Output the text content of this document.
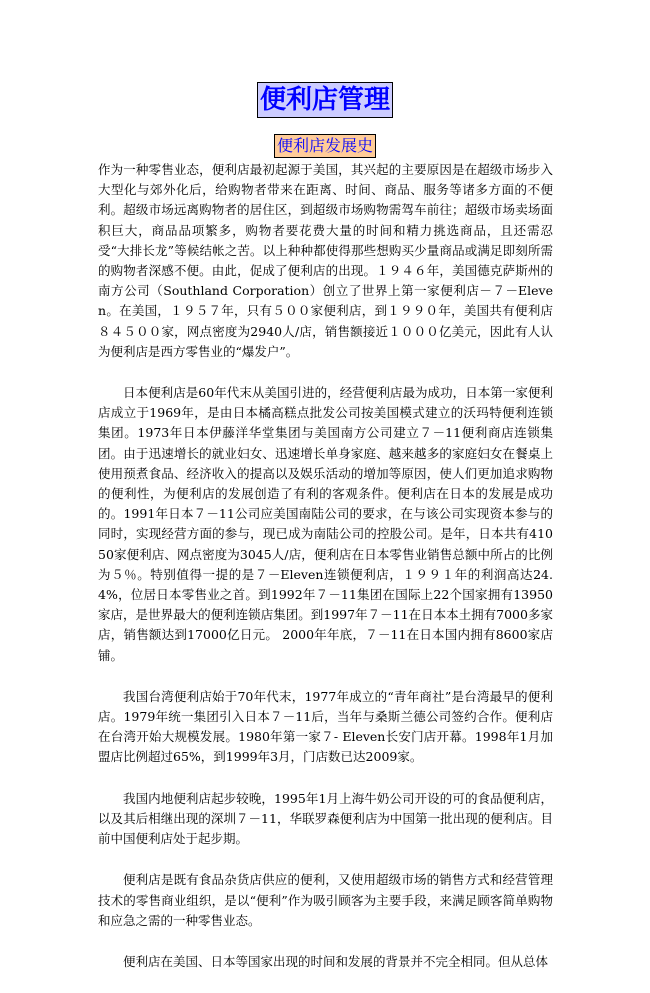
便利店管理
便利店发展史

作为一种零售业态，便利店最初起源于美国，其兴起的主要原因是在超级市场步入大型化与郊外化后，给购物者带来在距离、时间、商品、服务等诸多方面的不便利。超级市场远离购物者的居住区，到超级市场购物需驾车前往；超级市场卖场面积巨大，商品品项繁多，购物者要花费大量的时间和精力挑选商品，且还需忍受“大排长龙”等候结帐之苦。以上种种都使得那些想购买少量商品或满足即刻所需的购物者深感不便。由此，促成了便利店的出现。１９４６年，美国德克萨斯州的南方公司（Southland Corporation）创立了世界上第一家便利店－７－Eleven。在美国，１９５７年，只有５００家便利店，到１９９０年，美国共有便利店８４５００家，网点密度为2940人/店，销售额接近１０００亿美元，因此有人认为便利店是西方零售业的“爆发户”。

日本便利店是60年代末从美国引进的，经营便利店最为成功，日本第一家便利店成立于1969年，是由日本橘高糕点批发公司按美国模式建立的沃玛特便利连锁集团。1973年日本伊藤洋华堂集团与美国南方公司建立７－11便利商店连锁集团。由于迅速增长的就业妇女、迅速增长单身家庭、越来越多的家庭妇女在餐桌上使用预煮食品、经济收入的提高以及娱乐活动的增加等原因，使人们更加追求购物的便利性，为便利店的发展创造了有利的客观条件。便利店在日本的发展是成功的。1991年日本７－11公司应美国南陆公司的要求，在与该公司实现资本参与的同时，实现经营方面的参与，现已成为南陆公司的控股公司。是年，日本共有41050家便利店、网点密度为3045人/店，便利店在日本零售业销售总额中所占的比例为５％。特别值得一提的是７－Eleven连锁便利店，１９９１年的利润高达24.4%，位居日本零售业之首。到1992年７－11集团在国际上22个国家拥有13950家店，是世界最大的便利连锁店集团。到1997年７－11在日本本土拥有7000多家店，销售额达到17000亿日元。 2000年年底，７－11在日本国内拥有8600家店铺。

我国台湾便利店始于70年代末，1977年成立的“青年商社”是台湾最早的便利店。1979年统一集团引入日本７－11后，当年与桑斯兰德公司签约合作。便利店在台湾开始大规模发展。1980年第一家７- Eleven长安门店开幕。1998年1月加盟店比例超过65%，到1999年3月，门店数已达2009家。

我国内地便利店起步较晚，1995年1月上海牛奶公司开设的可的食品便利店，以及其后相继出现的深圳７－11，华联罗森便利店为中国第一批出现的便利店。目前中国便利店处于起步期。

便利店是既有食品杂货店供应的便利，又使用超级市场的销售方式和经营管理技术的零售商业组织，是以“便利”作为吸引顾客为主要手段，来满足顾客简单购物和应急之需的一种零售业态。

便利店在美国、日本等国家出现的时间和发展的背景并不完全相同。但从总体
